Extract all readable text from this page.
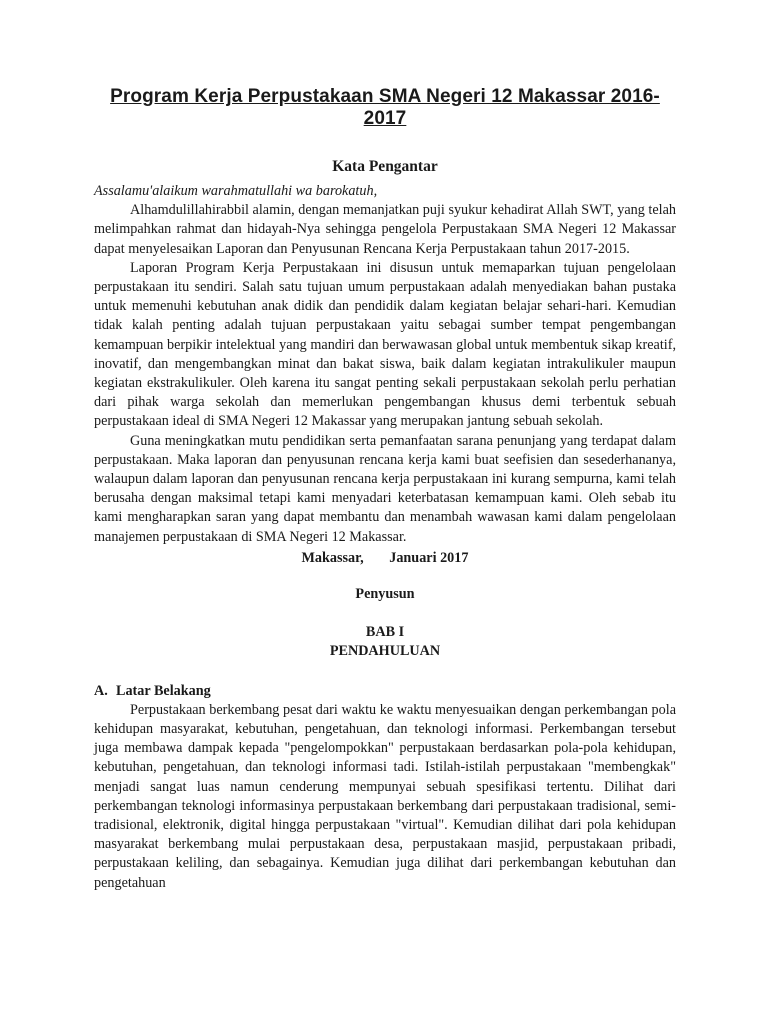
Program Kerja Perpustakaan SMA Negeri 12 Makassar 2016-2017
Kata Pengantar

Assalamu'alaikum warahmatullahi wa barokatuh,

Alhamdulillahirabbil alamin, dengan memanjatkan puji syukur kehadirat Allah SWT, yang telah melimpahkan rahmat dan hidayah-Nya sehingga pengelola Perpustakaan SMA Negeri 12 Makassar dapat menyelesaikan Laporan dan Penyusunan Rencana Kerja Perpustakaan tahun 2017-2015.

Laporan Program Kerja Perpustakaan ini disusun untuk memaparkan tujuan pengelolaan perpustakaan itu sendiri. Salah satu tujuan umum perpustakaan adalah menyediakan bahan pustaka untuk memenuhi kebutuhan anak didik dan pendidik dalam kegiatan belajar sehari-hari. Kemudian tidak kalah penting adalah tujuan perpustakaan yaitu sebagai sumber tempat pengembangan kemampuan berpikir intelektual yang mandiri dan berwawasan global untuk membentuk sikap kreatif, inovatif, dan mengembangkan minat dan bakat siswa, baik dalam kegiatan intrakulikuler maupun kegiatan ekstrakulikuler. Oleh karena itu sangat penting sekali perpustakaan sekolah perlu perhatian dari pihak warga sekolah dan memerlukan pengembangan khusus demi terbentuk sebuah perpustakaan ideal di SMA Negeri 12 Makassar yang merupakan jantung sebuah sekolah.

Guna meningkatkan mutu pendidikan serta pemanfaatan sarana penunjang yang terdapat dalam perpustakaan. Maka laporan dan penyusunan rencana kerja kami buat seefisien dan sesederhananya, walaupun dalam laporan dan penyusunan rencana kerja perpustakaan ini kurang sempurna, kami telah berusaha dengan maksimal tetapi kami menyadari keterbatasan kemampuan kami. Oleh sebab itu kami mengharapkan saran yang dapat membantu dan menambah wawasan kami dalam pengelolaan manajemen perpustakaan di SMA Negeri 12 Makassar.

Makassar, Januari 2017

Penyusun

BAB I

PENDAHULUAN

A. Latar Belakang

Perpustakaan berkembang pesat dari waktu ke waktu menyesuaikan dengan perkembangan pola kehidupan masyarakat, kebutuhan, pengetahuan, dan teknologi informasi. Perkembangan tersebut juga membawa dampak kepada "pengelompokkan" perpustakaan berdasarkan pola-pola kehidupan, kebutuhan, pengetahuan, dan teknologi informasi tadi. Istilah-istilah perpustakaan "membengkak" menjadi sangat luas namun cenderung mempunyai sebuah spesifikasi tertentu. Dilihat dari perkembangan teknologi informasinya perpustakaan berkembang dari perpustakaan tradisional, semi-tradisional, elektronik, digital hingga perpustakaan "virtual". Kemudian dilihat dari pola kehidupan masyarakat berkembang mulai perpustakaan desa, perpustakaan masjid, perpustakaan pribadi, perpustakaan keliling, dan sebagainya. Kemudian juga dilihat dari perkembangan kebutuhan dan pengetahuan
